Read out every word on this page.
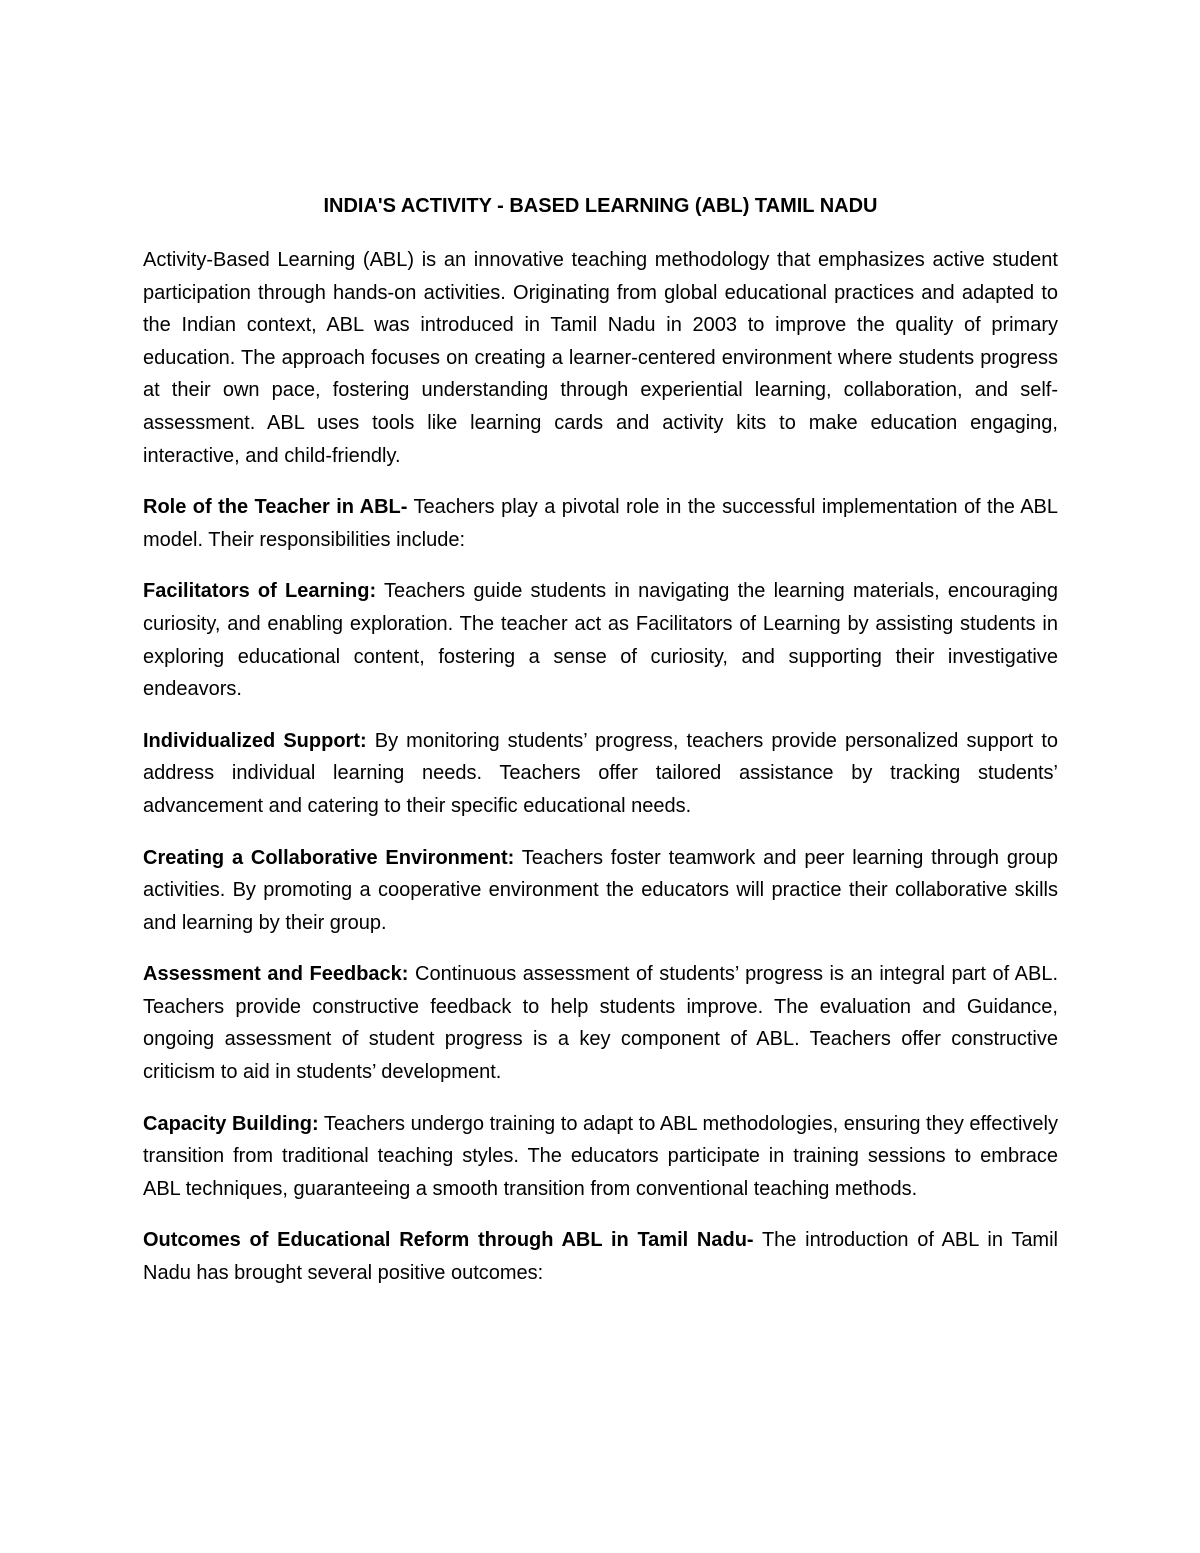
INDIA'S ACTIVITY - BASED LEARNING (ABL) TAMIL NADU

Activity-Based Learning (ABL) is an innovative teaching methodology that emphasizes active student participation through hands-on activities. Originating from global educational practices and adapted to the Indian context, ABL was introduced in Tamil Nadu in 2003 to improve the quality of primary education. The approach focuses on creating a learner-centered environment where students progress at their own pace, fostering understanding through experiential learning, collaboration, and self-assessment. ABL uses tools like learning cards and activity kits to make education engaging, interactive, and child-friendly.

Role of the Teacher in ABL- Teachers play a pivotal role in the successful implementation of the ABL model. Their responsibilities include:

Facilitators of Learning: Teachers guide students in navigating the learning materials, encouraging curiosity, and enabling exploration. The teacher act as Facilitators of Learning by assisting students in exploring educational content, fostering a sense of curiosity, and supporting their investigative endeavors.

Individualized Support: By monitoring students’ progress, teachers provide personalized support to address individual learning needs. Teachers offer tailored assistance by tracking students’ advancement and catering to their specific educational needs.

Creating a Collaborative Environment: Teachers foster teamwork and peer learning through group activities. By promoting a cooperative environment the educators will practice their collaborative skills and learning by their group.

Assessment and Feedback: Continuous assessment of students’ progress is an integral part of ABL. Teachers provide constructive feedback to help students improve. The evaluation and Guidance, ongoing assessment of student progress is a key component of ABL. Teachers offer constructive criticism to aid in students’ development.

Capacity Building: Teachers undergo training to adapt to ABL methodologies, ensuring they effectively transition from traditional teaching styles. The educators participate in training sessions to embrace ABL techniques, guaranteeing a smooth transition from conventional teaching methods.

Outcomes of Educational Reform through ABL in Tamil Nadu- The introduction of ABL in Tamil Nadu has brought several positive outcomes:
